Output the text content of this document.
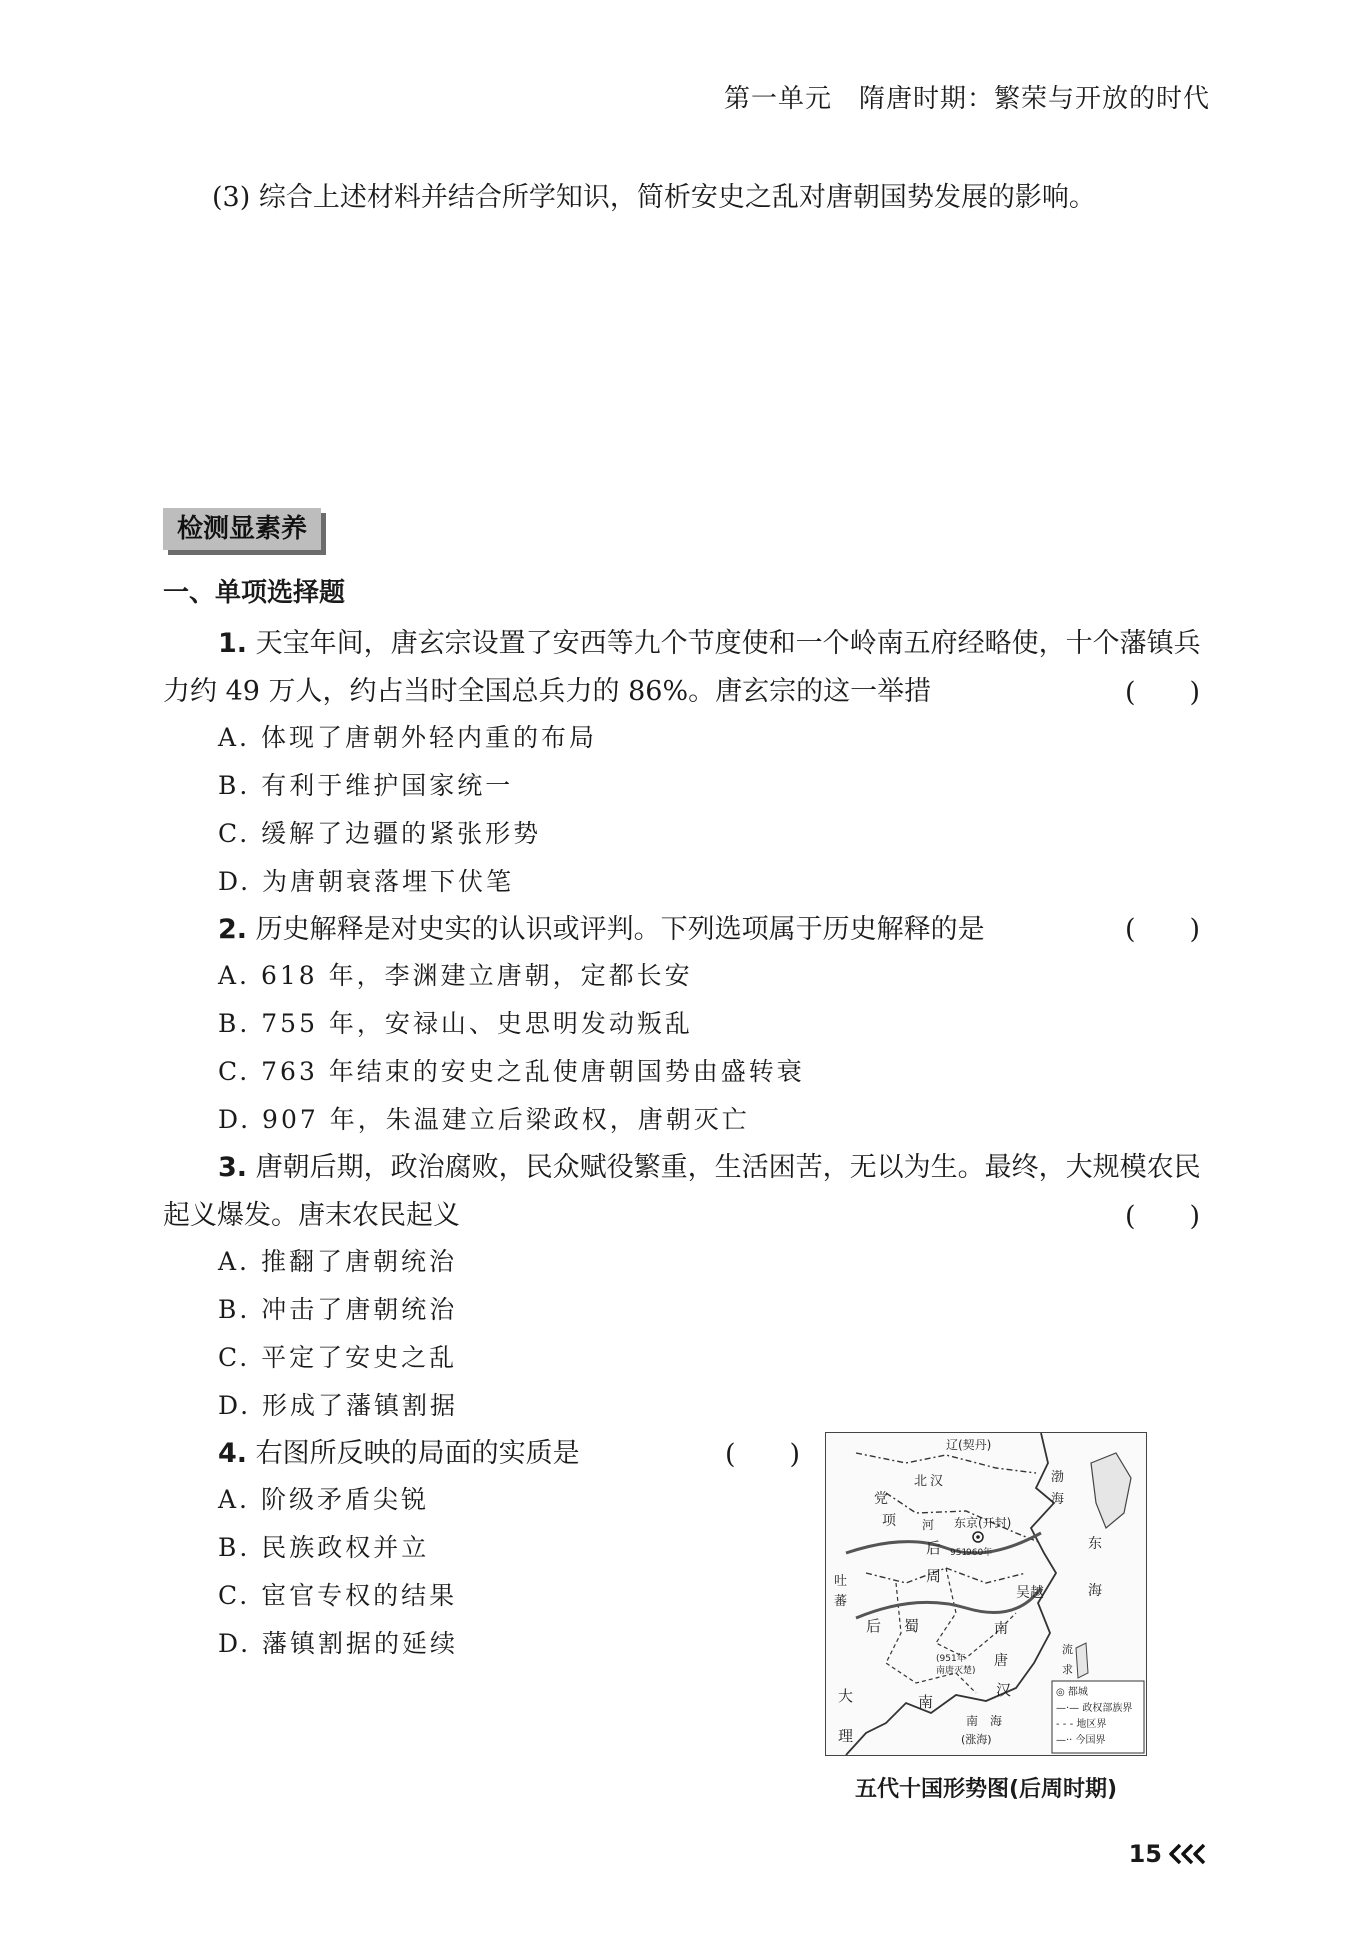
第一单元　隋唐时期：繁荣与开放的时代
(3) 综合上述材料并结合所学知识，简析安史之乱对唐朝国势发展的影响。
检测显素养
一、单项选择题
1. 天宝年间，唐玄宗设置了安西等九个节度使和一个岭南五府经略使，十个藩镇兵力约 49 万人，约占当时全国总兵力的 86%。唐玄宗的这一举措	(　　)
A. 体现了唐朝外轻内重的布局
B. 有利于维护国家统一
C. 缓解了边疆的紧张形势
D. 为唐朝衰落埋下伏笔
2. 历史解释是对史实的认识或评判。下列选项属于历史解释的是	(　　)
A. 618 年，李渊建立唐朝，定都长安
B. 755 年，安禄山、史思明发动叛乱
C. 763 年结束的安史之乱使唐朝国势由盛转衰
D. 907 年，朱温建立后梁政权，唐朝灭亡
3. 唐朝后期，政治腐败，民众赋役繁重，生活困苦，无以为生。最终，大规模农民起义爆发。唐末农民起义	(　　)
A. 推翻了唐朝统治
B. 冲击了唐朝统治
C. 平定了安史之乱
D. 形成了藩镇割据
4. 右图所反映的局面的实质是	(　　)
A. 阶级矛盾尖锐
B. 民族政权并立
C. 宦官专权的结果
D. 藩镇割据的延续
辽(契丹)
北 汉
党
项	东京(开封)
河
后
周
951
960年
渤
海
东
海
吐
蕃
后 蜀
吴越
南
唐
(951年
南唐灭楚)
大
理
南
汉
南　海
(涨海)
流
求
◎ 都城
—·— 政权部族界
- - - 地区界
—·· 今国界
五代十国形势图(后周时期)
15
